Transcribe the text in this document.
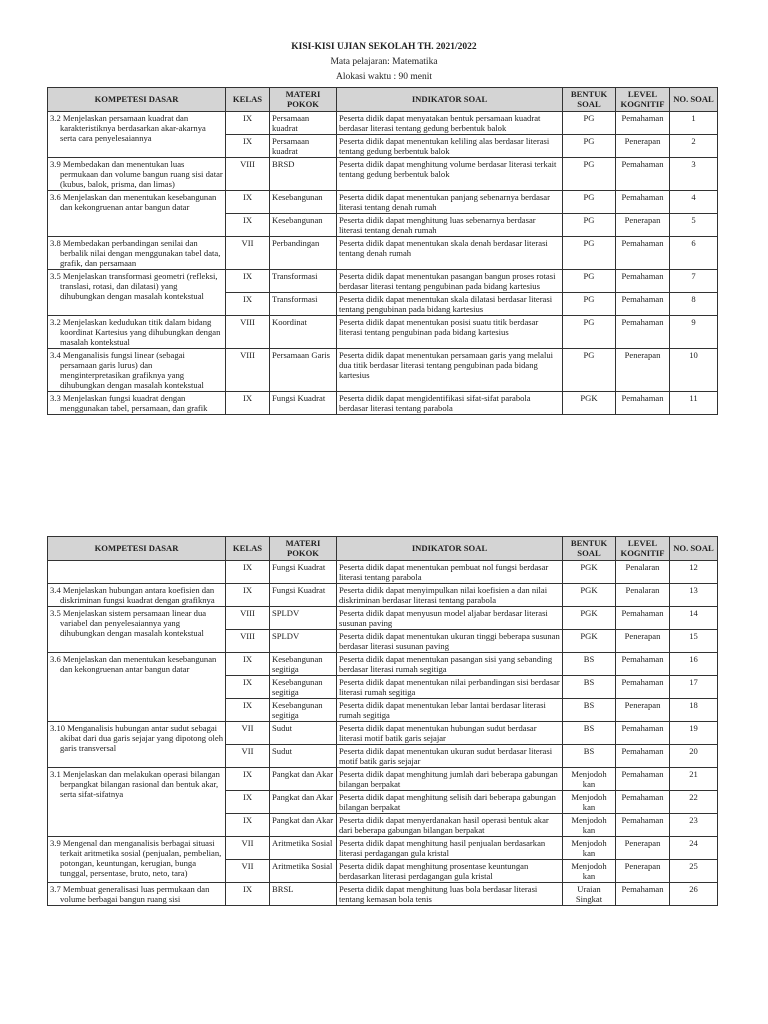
KISI-KISI UJIAN SEKOLAH TH. 2021/2022
Mata pelajaran: Matematika
Alokasi waktu : 90 menit
KOMPETESI DASAR	KELAS	MATERI POKOK	INDIKATOR SOAL	BENTUK SOAL	LEVEL KOGNITIF	NO. SOAL

3.2 Menjelaskan persamaan kuadrat dan karakteristiknya berdasarkan akar-akarnya serta cara penyelesaiannya	IX	Persamaan kuadrat	Peserta didik dapat menyatakan bentuk persamaan kuadrat berdasar literasi tentang gedung berbentuk balok	PG	Pemahaman	1
	IX	Persamaan kuadrat	Peserta didik dapat menentukan keliling alas berdasar literasi tentang gedung berbentuk balok	PG	Penerapan	2

3.9 Membedakan dan menentukan luas permukaan dan volume bangun ruang sisi datar (kubus, balok, prisma, dan limas)	VIII	BRSD	Peserta didik dapat menghitung volume berdasar literasi terkait tentang gedung berbentuk balok	PG	Pemahaman	3

3.6 Menjelaskan dan menentukan kesebangunan dan kekongruenan antar bangun datar	IX	Kesebangunan	Peserta didik dapat menentukan panjang sebenarnya berdasar literasi tentang denah rumah	PG	Pemahaman	4
	IX	Kesebangunan	Peserta didik dapat menghitung luas sebenarnya berdasar literasi tentang denah rumah	PG	Penerapan	5

3.8 Membedakan perbandingan senilai dan berbalik nilai dengan menggunakan tabel data, grafik, dan persamaan	VII	Perbandingan	Peserta didik dapat menentukan skala denah berdasar literasi tentang denah rumah	PG	Pemahaman	6

3.5 Menjelaskan transformasi geometri (refleksi, translasi, rotasi, dan dilatasi) yang dihubungkan dengan masalah kontekstual	IX	Transformasi	Peserta didik dapat menentukan pasangan bangun proses rotasi berdasar literasi tentang pengubinan pada bidang kartesius	PG	Pemahaman	7
	IX	Transformasi	Peserta didik dapat menentukan skala dilatasi berdasar literasi tentang pengubinan pada bidang kartesius	PG	Pemahaman	8

3.2 Menjelaskan kedudukan titik dalam bidang koordinat Kartesius yang dihubungkan dengan masalah kontekstual	VIII	Koordinat	Peserta didik dapat menentukan posisi suatu titik berdasar literasi tentang pengubinan pada bidang kartesius	PG	Pemahaman	9

3.4 Menganalisis fungsi linear (sebagai persamaan garis lurus) dan menginterpretasikan grafiknya yang dihubungkan dengan masalah kontekstual	VIII	Persamaan Garis	Peserta didik dapat menentukan persamaan garis yang melalui dua titik berdasar literasi tentang pengubinan pada bidang kartesius	PG	Penerapan	10

3.3 Menjelaskan fungsi kuadrat dengan menggunakan tabel, persamaan, dan grafik	IX	Fungsi Kuadrat	Peserta didik dapat mengidentifikasi sifat-sifat parabola berdasar literasi tentang parabola	PGK	Pemahaman	11
KOMPETESI DASAR	KELAS	MATERI POKOK	INDIKATOR SOAL	BENTUK SOAL	LEVEL KOGNITIF	NO. SOAL

	IX	Fungsi Kuadrat	Peserta didik dapat menentukan pembuat nol fungsi berdasar literasi tentang parabola	PGK	Penalaran	12

3.4 Menjelaskan hubungan antara koefisien dan diskriminan fungsi kuadrat dengan grafiknya	IX	Fungsi Kuadrat	Peserta didik dapat menyimpulkan nilai koefisien a dan nilai diskriminan berdasar literasi tentang parabola	PGK	Penalaran	13

3.5 Menjelaskan sistem persamaan linear dua variabel dan penyelesaiannya yang dihubungkan dengan masalah kontekstual	VIII	SPLDV	Peserta didik dapat menyusun model aljabar berdasar literasi susunan paving	PGK	Pemahaman	14
	VIII	SPLDV	Peserta didik dapat menentukan ukuran tinggi beberapa susunan berdasar literasi susunan paving	PGK	Penerapan	15

3.6 Menjelaskan dan menentukan kesebangunan dan kekongruenan antar bangun datar	IX	Kesebangunan segitiga	Peserta didik dapat menentukan pasangan sisi yang sebanding berdasar literasi rumah segitiga	BS	Pemahaman	16
	IX	Kesebangunan segitiga	Peserta didik dapat menentukan nilai perbandingan sisi berdasar literasi rumah segitiga	BS	Pemahaman	17
	IX	Kesebangunan segitiga	Peserta didik dapat menentukan lebar lantai berdasar literasi rumah segitiga	BS	Penerapan	18

3.10 Menganalisis hubungan antar sudut sebagai akibat dari dua garis sejajar yang dipotong oleh garis transversal	VII	Sudut	Peserta didik dapat menentukan hubungan sudut berdasar literasi motif batik garis sejajar	BS	Pemahaman	19
	VII	Sudut	Peserta didik dapat menentukan ukuran sudut berdasar literasi motif batik garis sejajar	BS	Pemahaman	20

3.1 Menjelaskan dan melakukan operasi bilangan berpangkat bilangan rasional dan bentuk akar, serta sifat-sifatnya	IX	Pangkat dan Akar	Peserta didik dapat menghitung jumlah dari beberapa gabungan bilangan berpakat	Menjodoh kan	Pemahaman	21
	IX	Pangkat dan Akar	Peserta didik dapat menghitung selisih dari beberapa gabungan bilangan berpakat	Menjodoh kan	Pemahaman	22
	IX	Pangkat dan Akar	Peserta didik dapat menyerdanakan hasil operasi bentuk akar dari beberapa gabungan bilangan berpakat	Menjodoh kan	Pemahaman	23

3.9 Mengenal dan menganalisis berbagai situasi terkait aritmetika sosial (penjualan, pembelian, potongan, keuntungan, kerugian, bunga tunggal, persentase, bruto, neto, tara)	VII	Aritmetika Sosial	Peserta didik dapat menghitung hasil penjualan berdasarkan literasi perdagangan gula kristal	Menjodoh kan	Penerapan	24
	VII	Aritmetika Sosial	Peserta didik dapat menghitung prosentase keuntungan berdasarkan literasi perdagangan gula kristal	Menjodoh kan	Penerapan	25

3.7 Membuat generalisasi luas permukaan dan volume berbagai bangun ruang sisi	IX	BRSL	Peserta didik dapat menghitung luas bola berdasar literasi tentang kemasan bola tenis	Uraian Singkat	Pemahaman	26
